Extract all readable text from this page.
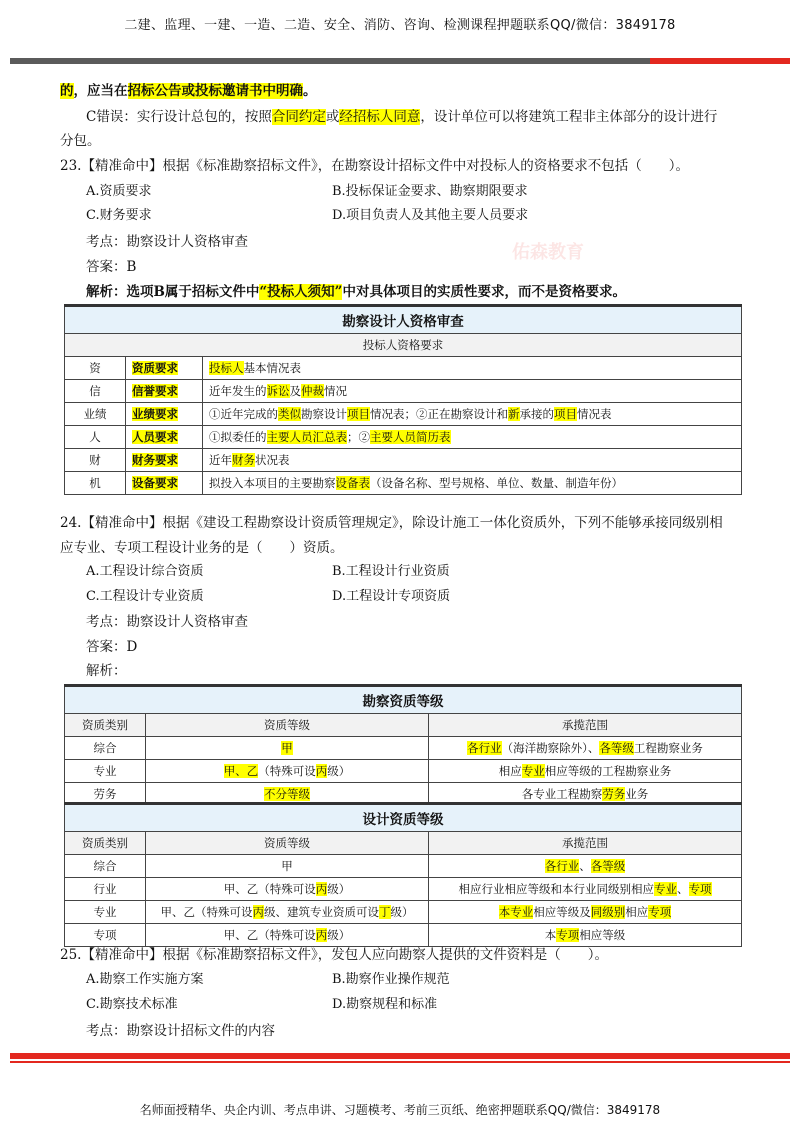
二建、监理、一建、一造、二造、安全、消防、咨询、检测课程押题联系QQ/微信：3849178
佑森教育
的，应当在招标公告或投标邀请书中明确。
C错误：实行设计总包的，按照合同约定或经招标人同意，设计单位可以将建筑工程非主体部分的设计进行
分包。
23.【精准命中】根据《标准勘察招标文件》，在勘察设计招标文件中对投标人的资格要求不包括（　　）。
A.资质要求	B.投标保证金要求、勘察期限要求
C.财务要求	D.项目负责人及其他主要人员要求
考点：勘察设计人资格审查
答案：B
解析：选项B属于招标文件中“投标人须知”中对具体项目的实质性要求，而不是资格要求。
勘察设计人资格审查		
投标人资格要求		
资	资质要求	投标人基本情况表
信	信誉要求	近年发生的诉讼及仲裁情况
业绩	业绩要求	①近年完成的类似勘察设计项目情况表；②正在勘察设计和新承接的项目情况表
人	人员要求	①拟委任的主要人员汇总表；②主要人员简历表
财	财务要求	近年财务状况表
机	设备要求	拟投入本项目的主要勘察设备表（设备名称、型号规格、单位、数量、制造年份）
24.【精准命中】根据《建设工程勘察设计资质管理规定》，除设计施工一体化资质外，下列不能够承接同级别相
应专业、专项工程设计业务的是（　　）资质。
A.工程设计综合资质	B.工程设计行业资质
C.工程设计专业资质	D.工程设计专项资质
考点：勘察设计人资格审查
答案：D
解析：
勘察资质等级		
资质类别	资质等级	承揽范围
综合	甲	各行业（海洋勘察除外）、各等级工程勘察业务
专业	甲、乙（特殊可设丙级）	相应专业相应等级的工程勘察业务
劳务	不分等级	各专业工程勘察劳务业务
设计资质等级		
资质类别	资质等级	承揽范围
综合	甲	各行业、各等级
行业	甲、乙（特殊可设丙级）	相应行业相应等级和本行业同级别相应专业、专项
专业	甲、乙（特殊可设丙级、建筑专业资质可设丁级）	本专业相应等级及同级别相应专项
专项	甲、乙（特殊可设丙级）	本专项相应等级
25.【精准命中】根据《标准勘察招标文件》，发包人应向勘察人提供的文件资料是（　　）。
A.勘察工作实施方案	B.勘察作业操作规范
C.勘察技术标准	D.勘察规程和标准
考点：勘察设计招标文件的内容
名师面授精华、央企内训、考点串讲、习题模考、考前三页纸、绝密押题联系QQ/微信：3849178
